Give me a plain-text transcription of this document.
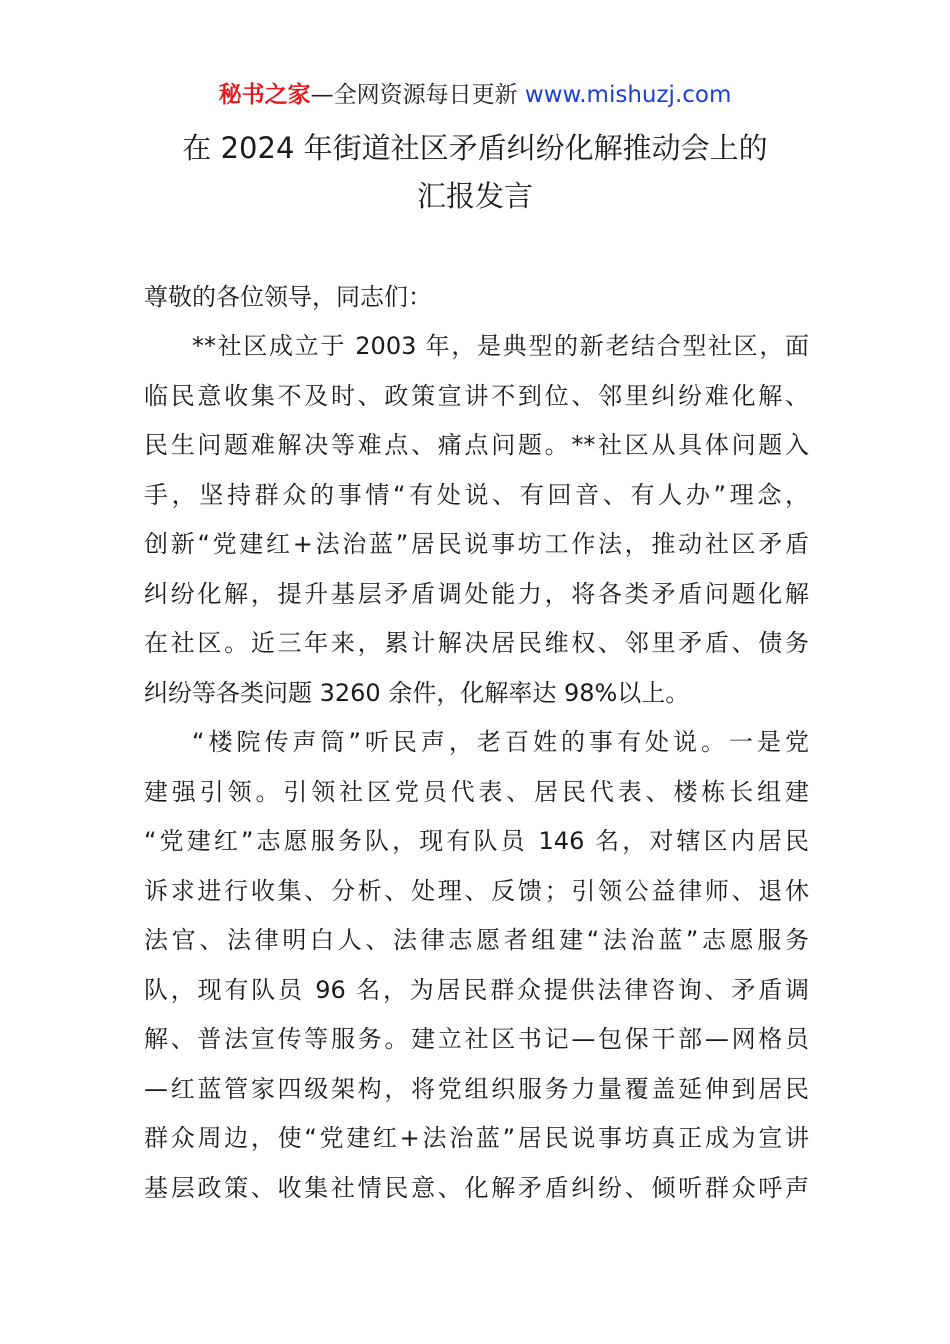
秘书之家—全网资源每日更新 www.mishuzj.com
在 2024 年街道社区矛盾纠纷化解推动会上的
汇报发言
尊敬的各位领导，同志们：
**社区成立于 2003 年，是典型的新老结合型社区，面
临民意收集不及时、政策宣讲不到位、邻里纠纷难化解、
民生问题难解决等难点、痛点问题。**社区从具体问题入
手，坚持群众的事情“有处说、有回音、有人办”理念，
创新“党建红+法治蓝”居民说事坊工作法，推动社区矛盾
纠纷化解，提升基层矛盾调处能力，将各类矛盾问题化解
在社区。近三年来，累计解决居民维权、邻里矛盾、债务
纠纷等各类问题 3260 余件，化解率达 98%以上。
“楼院传声筒”听民声，老百姓的事有处说。一是党
建强引领。引领社区党员代表、居民代表、楼栋长组建
“党建红”志愿服务队，现有队员 146 名，对辖区内居民
诉求进行收集、分析、处理、反馈；引领公益律师、退休
法官、法律明白人、法律志愿者组建“法治蓝”志愿服务
队，现有队员 96 名，为居民群众提供法律咨询、矛盾调
解、普法宣传等服务。建立社区书记—包保干部—网格员
—红蓝管家四级架构，将党组织服务力量覆盖延伸到居民
群众周边，使“党建红+法治蓝”居民说事坊真正成为宣讲
基层政策、收集社情民意、化解矛盾纠纷、倾听群众呼声
